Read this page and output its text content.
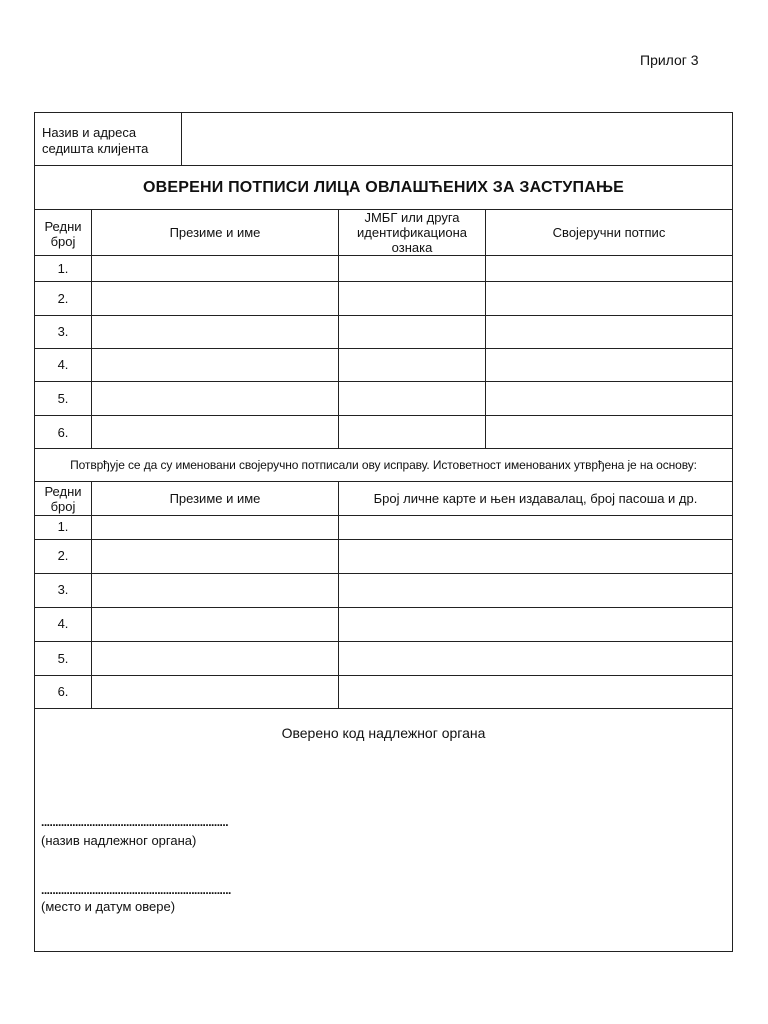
Прилог 3
Назив и адреса
седишта клијента
ОВЕРЕНИ ПОТПИСИ ЛИЦА ОВЛАШЋЕНИХ ЗА ЗАСТУПАЊЕ
Редни
број
Презиме и име
ЈМБГ или друга
идентификациона
ознака
Својеручни потпис
1.
2.
3.
4.
5.
6.
Потврђује се да су именовани својеручно потписали ову исправу. Истоветност именованих утврђена је на основу:
Редни
број
Презиме и име	Број личне карте и њен издавалац, број пасоша и др.
1.
2.
3.
4.
5.
6.
Оверено код надлежног органа
..................................................................
(назив надлежног органа)
...................................................................
(место и датум овере)
